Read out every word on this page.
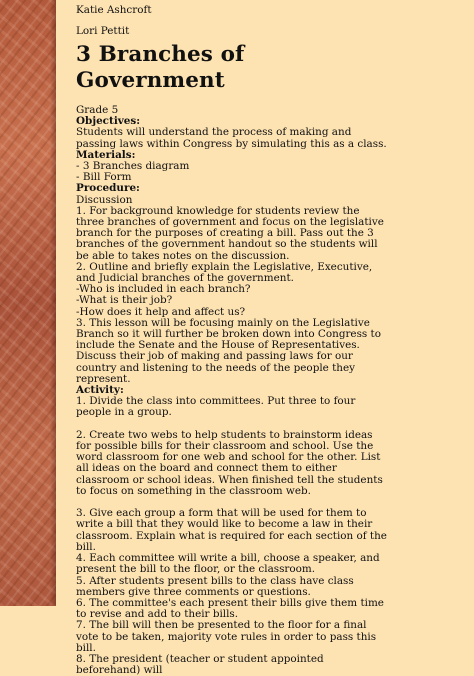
Katie Ashcroft

Lori Pettit

3 Branches of Government
Grade 5
Objectives:
Students will understand the process of making and passing laws within Congress by simulating this as a class.
Materials:
- 3 Branches diagram
- Bill Form
Procedure:
Discussion
1. For background knowledge for students review the three branches of government and focus on the legislative branch for the purposes of creating a bill. Pass out the 3 branches of the government handout so the students will be able to takes notes on the discussion.
2. Outline and briefly explain the Legislative, Executive, and Judicial branches of the government.
-Who is included in each branch?
-What is their job?
-How does it help and affect us?
3. This lesson will be focusing mainly on the Legislative Branch so it will further be broken down into Congress to include the Senate and the House of Representatives. Discuss their job of making and passing laws for our country and listening to the needs of the people they represent.
Activity:
1. Divide the class into committees. Put three to four people in a group.
2. Create two webs to help students to brainstorm ideas for possible bills for their classroom and school. Use the word classroom for one web and school for the other. List all ideas on the board and connect them to either classroom or school ideas. When finished tell the students to focus on something in the classroom web.
3. Give each group a form that will be used for them to write a bill that they would like to become a law in their classroom. Explain what is required for each section of the bill.
4. Each committee will write a bill, choose a speaker, and present the bill to the floor, or the classroom.
5. After students present bills to the class have class members give three comments or questions.
6. The committee's each present their bills give them time to revise and add to their bills.
7. The bill will then be presented to the floor for a final vote to be taken, majority vote rules in order to pass this bill.
8. The president (teacher or student appointed beforehand) will
